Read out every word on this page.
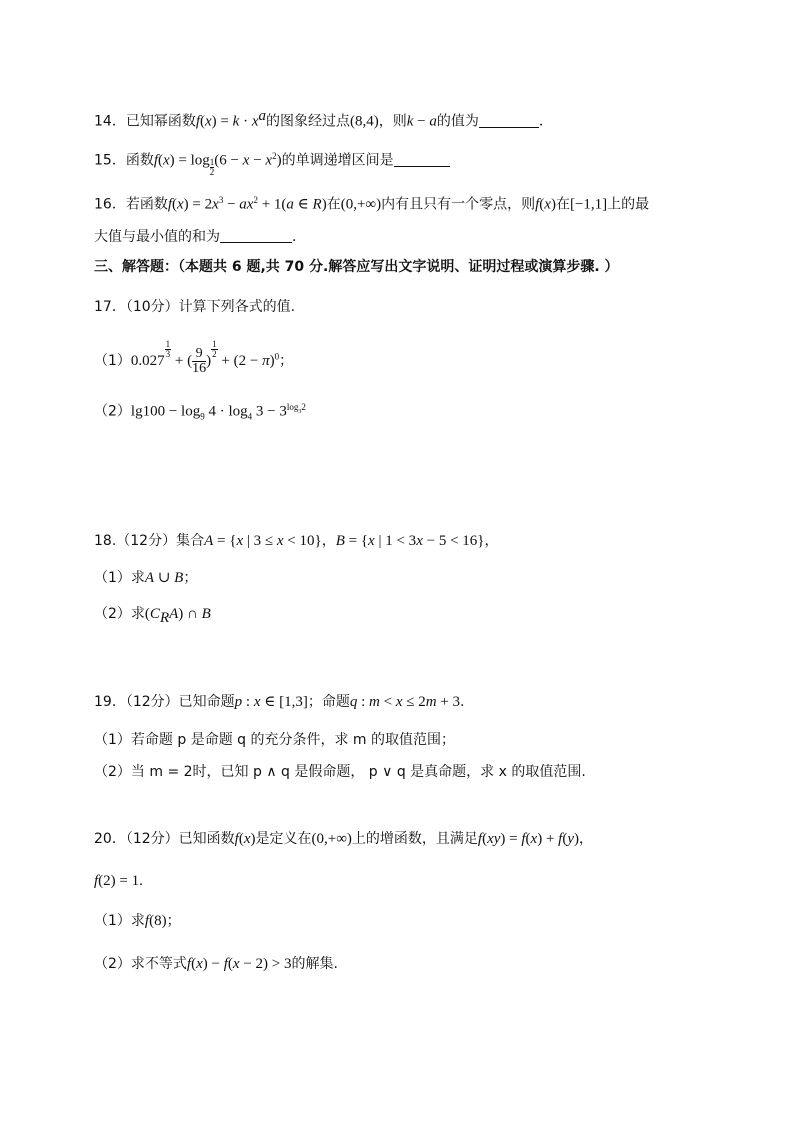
14．已知幂函数$f(x) = k \cdot x^a$的图象经过点(8,4)，则k − a的值为	.
15．函数$f(x) = \log \frac{1}{2} (6 - x - x^2)$的单调递增区间是
16．若函数$f(x) = 2x^3 - ax^2 + 1(a$ ∈ R)在(0,+∞)内有且只有一个零点，则f(x)在[−1,1]上的最
大值与最小值的和为	．
三、解答题：（本题共 6 题,共 70 分.解答应写出文字说明、证明过程或演算步骤. ）
17．（10分）计算下列各式的值.
（1）0.027
$\frac{1}{3}$
+ ( $\frac{9}{16}$ )
$\frac{1}{2}$
+ $(2 - \pi)^0$；
$(2)\lg 100 - \log_9 4 \cdot \log_4 3 - 3^{log_32}$
18.（12分）集合A = {x | 3 ≤ x < 10}，B = {x | 1 < 3x − 5 < 16}，
（1）求A ∪ B；
（2）求$(C_RA)$ ∩ B
19．（12分）已知命题p : x ∈ [1,3]；命题q : m < x ≤ 2m + 3.
（1）若命题 p 是命题 q 的充分条件，求 m 的取值范围；
（2）当 m = 2时，已知 p ∧ q 是假命题， p ∨ q 是真命题，求 x 的取值范围.
20．（12分）已知函数f(x)是定义在(0,+∞)上的增函数，且满足f(xy) = f(x) + f(y)，
f(2) = 1.
（1）求f(8)；
（2）求不等式f(x) − f(x − 2) > 3的解集.
